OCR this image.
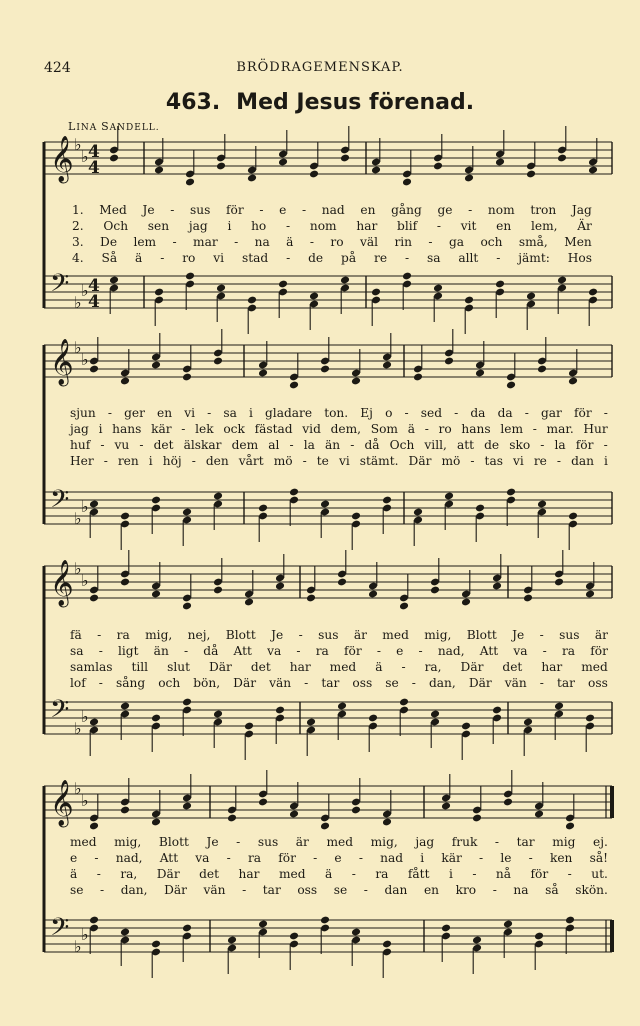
424	BRÖDRAGEMENSKAP.
463. Med Jesus förenad.
LINA SANDELL.
𝄞 ♭
♭ 4
4
𝄢 ♭
♭ 4
4
1. Med Je - sus för - e - nad en gång ge - nom tron Jag
2. Och sen jag i ho - nom har blif - vit en lem, Är
3. De lem - mar - na ä - ro väl rin - ga och små, Men
4. Så ä - ro vi stad - de på re - sa allt - jämt: Hos
𝄞 ♭
♭
𝄢 ♭
♭
sjun - ger en vi - sa i gladare ton. Ej o - sed - da da - gar för -
jag i hans kär - lek ock fästad vid dem, Som ä - ro hans lem - mar. Hur
huf - vu - det älskar dem al - la än - då Och vill, att de sko - la för -
Her - ren i höj - den vårt mö - te vi stämt. Där mö - tas vi re - dan i
𝄞 ♭
♭
𝄢 ♭
♭
fä - ra mig, nej, Blott Je - sus är med mig, Blott Je - sus är
sa - ligt än - då Att va - ra för - e - nad, Att va - ra för
samlas till slut Där det har med ä - ra, Där det har med
lof - sång och bön, Där vän - tar oss se - dan, Där vän - tar oss
𝄞 ♭
♭
𝄢 ♭
♭
med mig, Blott Je - sus är med mig, jag fruk - tar mig ej.
e - nad, Att va - ra för - e - nad i kär - le - ken så!
ä - ra, Där det har med ä - ra fått i - nå för - ut.
se - dan, Där vän - tar oss se - dan en kro - na så skön.
